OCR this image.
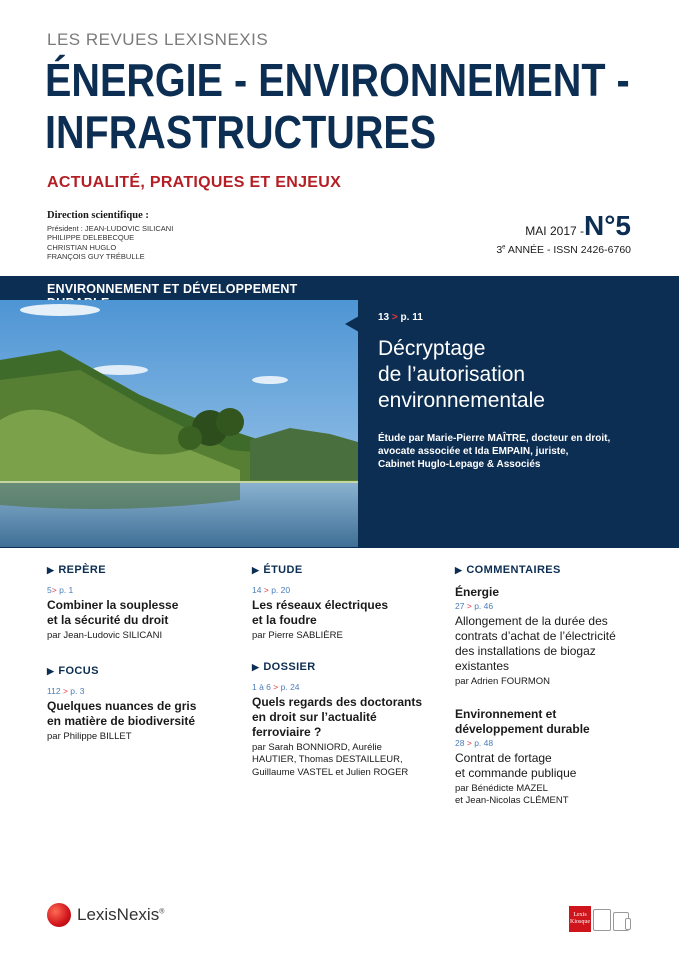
LES REVUES LEXISNEXIS
ÉNERGIE - ENVIRONNEMENT -
INFRASTRUCTURES
ACTUALITÉ, PRATIQUES ET ENJEUX
Direction scientifique :
Président : JEAN-LUDOVIC SILICANI
PHILIPPE DELEBECQUE
CHRISTIAN HUGLO
FRANÇOIS GUY TRÉBULLE
MAI 2017 -N°5
3e ANNÉE - ISSN 2426-6760
ENVIRONNEMENT ET DÉVELOPPEMENT
13 > p. 11
Décryptage
de l’autorisation
environnementale
Étude par Marie-Pierre MAÎTRE, docteur en droit,
avocate associée et Ida EMPAIN, juriste,
Cabinet Huglo-Lepage & Associés
▶ REPÈRE
5> p. 1
Combiner la souplesse
et la sécurité du droit
par Jean-Ludovic SILICANI
▶ FOCUS
112 > p. 3
Quelques nuances de gris
en matière de biodiversité
par Philippe BILLET
▶ ÉTUDE
14 > p. 20
Les réseaux électriques
et la foudre
par Pierre SABLIÈRE
▶ DOSSIER
1 à 6 > p. 24
Quels regards des doctorants
en droit sur l’actualité
ferroviaire ?
par Sarah BONNIORD, Aurélie
HAUTIER, Thomas DESTAILLEUR,
Guillaume VASTEL et Julien ROGER
▶ COMMENTAIRES
Énergie
27 > p. 46
Allongement de la durée des
contrats d’achat de l’électricité
des installations de biogaz
existantes
par Adrien FOURMON
Environnement et développement durable
28 > p. 48
Contrat de fortage
et commande publique
par Bénédicte MAZEL
et Jean-Nicolas CLÉMENT
LexisNexis®	Lexis
Kiosque
